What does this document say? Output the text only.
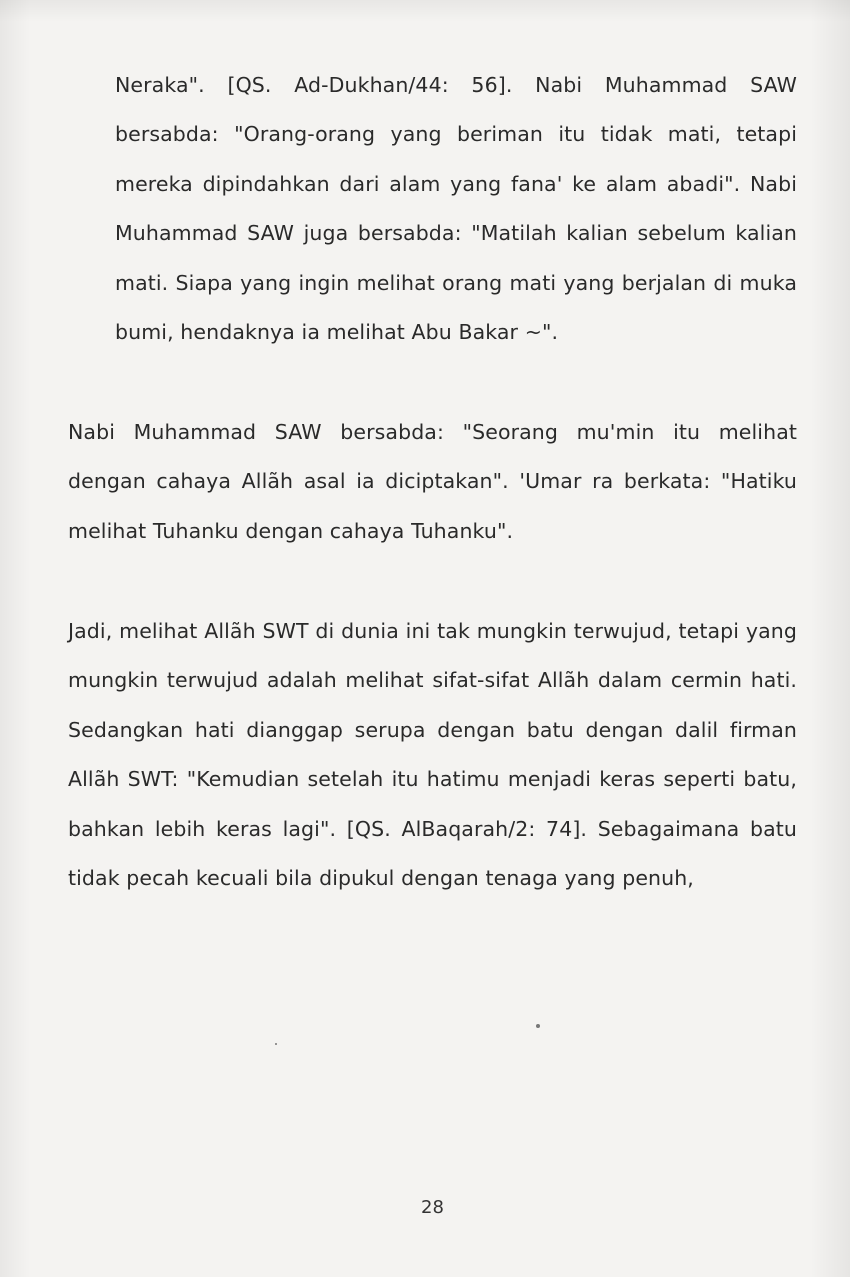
Neraka". [QS. Ad-Dukhan/44: 56]. Nabi Muhammad SAW bersabda: "Orang-orang yang beriman itu tidak mati, tetapi mereka dipindahkan dari alam yang fana' ke alam abadi". Nabi Muhammad SAW juga bersabda: "Matilah kalian sebelum kalian mati. Siapa yang ingin melihat orang mati yang berjalan di muka bumi, hendaknya ia melihat Abu Bakar ~".

Nabi Muhammad SAW bersabda: "Seorang mu'min itu melihat dengan cahaya Allãh asal ia diciptakan". 'Umar ra berkata: "Hatiku melihat Tuhanku dengan cahaya Tuhanku".

Jadi, melihat Allãh SWT di dunia ini tak mungkin terwujud, tetapi yang mungkin terwujud adalah melihat sifat-sifat Allãh dalam cermin hati. Sedangkan hati dianggap serupa dengan batu dengan dalil firman Allãh SWT: "Kemudian setelah itu hatimu menjadi keras seperti batu, bahkan lebih keras lagi". [QS. AlBaqarah/2: 74]. Sebagaimana batu tidak pecah kecuali bila dipukul dengan tenaga yang penuh,

28
